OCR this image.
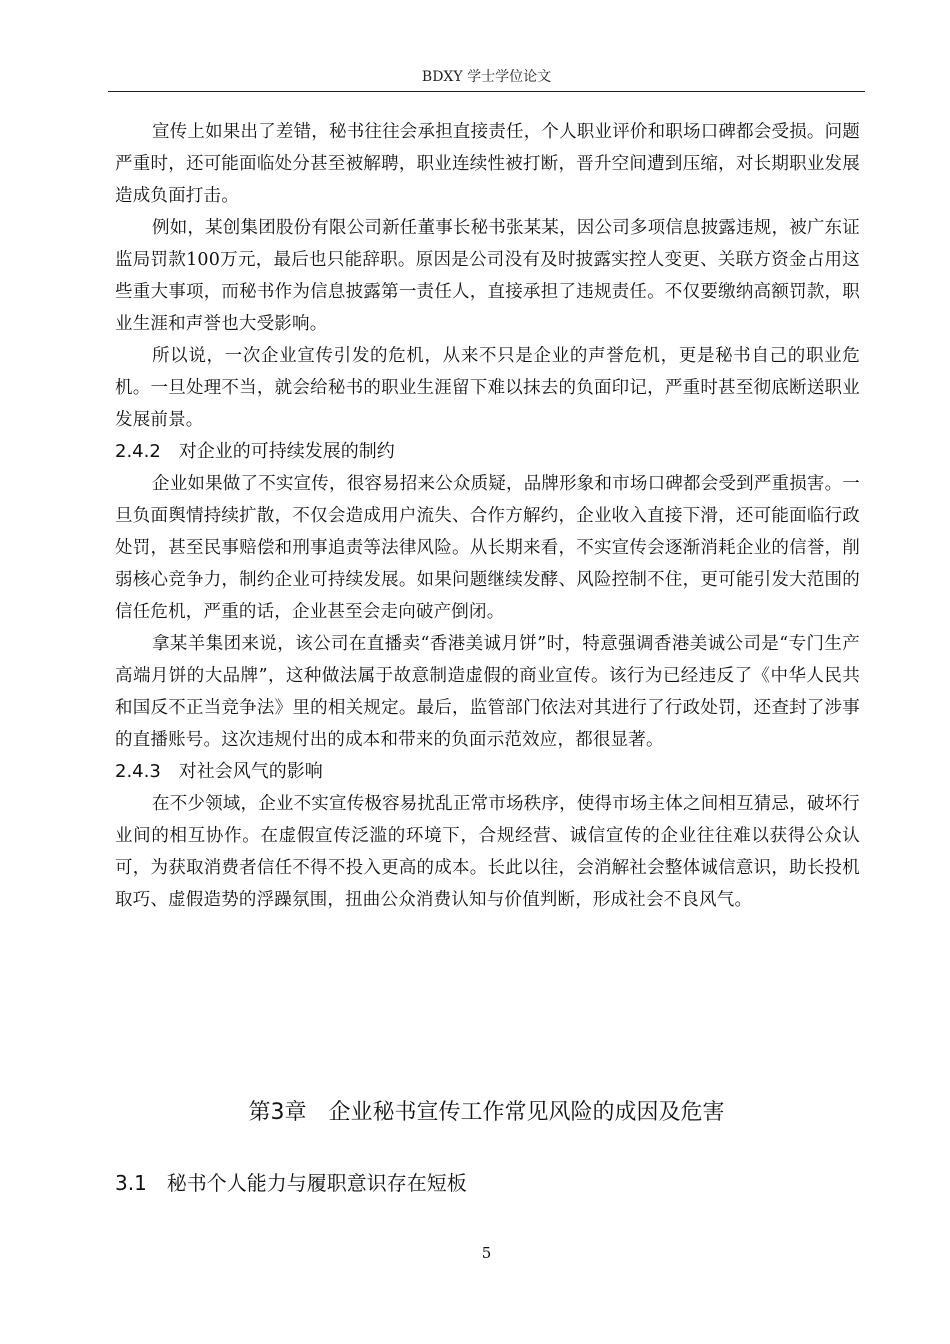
BDXY 学士学位论文

宣传上如果出了差错，秘书往往会承担直接责任，个人职业评价和职场口碑都会受损。问题严重时，还可能面临处分甚至被解聘，职业连续性被打断，晋升空间遭到压缩，对长期职业发展造成负面打击。

例如，某创集团股份有限公司新任董事长秘书张某某，因公司多项信息披露违规，被广东证监局罚款100万元，最后也只能辞职。原因是公司没有及时披露实控人变更、关联方资金占用这些重大事项，而秘书作为信息披露第一责任人，直接承担了违规责任。不仅要缴纳高额罚款，职业生涯和声誉也大受影响。

所以说，一次企业宣传引发的危机，从来不只是企业的声誉危机，更是秘书自己的职业危机。一旦处理不当，就会给秘书的职业生涯留下难以抹去的负面印记，严重时甚至彻底断送职业发展前景。

2.4.2　对企业的可持续发展的制约

企业如果做了不实宣传，很容易招来公众质疑，品牌形象和市场口碑都会受到严重损害。一旦负面舆情持续扩散，不仅会造成用户流失、合作方解约，企业收入直接下滑，还可能面临行政处罚，甚至民事赔偿和刑事追责等法律风险。从长期来看，不实宣传会逐渐消耗企业的信誉，削弱核心竞争力，制约企业可持续发展。如果问题继续发酵、风险控制不住，更可能引发大范围的信任危机，严重的话，企业甚至会走向破产倒闭。

拿某羊集团来说，该公司在直播卖“香港美诚月饼”时，特意强调香港美诚公司是“专门生产高端月饼的大品牌”，这种做法属于故意制造虚假的商业宣传。该行为已经违反了《中华人民共和国反不正当竞争法》里的相关规定。最后，监管部门依法对其进行了行政处罚，还查封了涉事的直播账号。这次违规付出的成本和带来的负面示范效应，都很显著。

2.4.3　对社会风气的影响

在不少领域，企业不实宣传极容易扰乱正常市场秩序，使得市场主体之间相互猜忌，破坏行业间的相互协作。在虚假宣传泛滥的环境下，合规经营、诚信宣传的企业往往难以获得公众认可，为获取消费者信任不得不投入更高的成本。长此以往，会消解社会整体诚信意识，助长投机取巧、虚假造势的浮躁氛围，扭曲公众消费认知与价值判断，形成社会不良风气。

第3章　企业秘书宣传工作常见风险的成因及危害
3.1　秘书个人能力与履职意识存在短板
5
